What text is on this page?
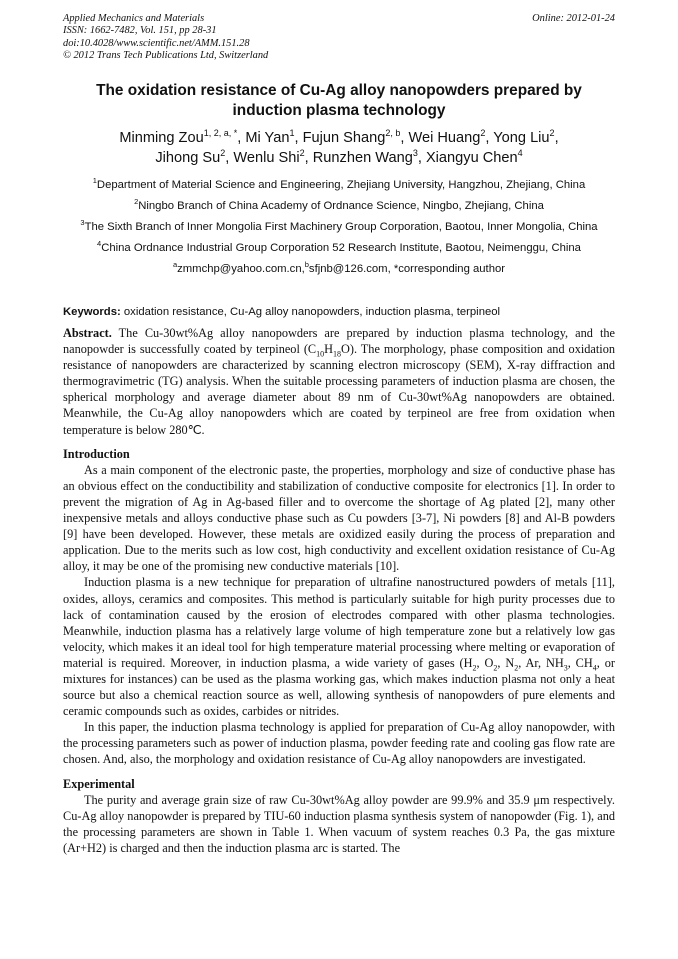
Applied Mechanics and Materials
ISSN: 1662-7482, Vol. 151, pp 28-31
doi:10.4028/www.scientific.net/AMM.151.28
© 2012 Trans Tech Publications Ltd, Switzerland
Online: 2012-01-24
The oxidation resistance of Cu-Ag alloy nanopowders prepared by induction plasma technology
Minming Zou$^{1, 2, a, *}$, Mi Yan$^1$, Fujun Shang$^{2, b}$, Wei Huang$^2$, Yong Liu$^2$,
Jihong Su$^2$, Wenlu Shi$^2$, Runzhen Wang$^3$, Xiangyu Chen$^4$

$^1$Department of Material Science and Engineering, Zhejiang University, Hangzhou, Zhejiang, China

$^2$Ningbo Branch of China Academy of Ordnance Science, Ningbo, Zhejiang, China

$^3$The Sixth Branch of Inner Mongolia First Machinery Group Corporation, Baotou, Inner Mongolia, China

$^4$China Ordnance Industrial Group Corporation 52 Research Institute, Baotou, Neimenggu, China

$^a$zmmchp@yahoo.com.cn,$^b$sfjnb@126.com, *corresponding author

Keywords: oxidation resistance, Cu-Ag alloy nanopowders, induction plasma, terpineol

Abstract. The Cu-30wt%Ag alloy nanopowders are prepared by induction plasma technology, and the nanopowder is successfully coated by terpineol $(C_{10}H_{18}O)$. The morphology, phase composition and oxidation resistance of nanopowders are characterized by scanning electron microscopy (SEM), X-ray diffraction and thermogravimetric (TG) analysis. When the suitable processing parameters of induction plasma are chosen, the spherical morphology and average diameter about 89 nm of Cu-30wt%Ag nanopowders are obtained. Meanwhile, the Cu-Ag alloy nanopowders which are coated by terpineol are free from oxidation when temperature is below 280℃.

Introduction

As a main component of the electronic paste, the properties, morphology and size of conductive phase has an obvious effect on the conductibility and stabilization of conductive composite for electronics [1]. In order to prevent the migration of Ag in Ag-based filler and to overcome the shortage of Ag plated [2], many other inexpensive metals and alloys conductive phase such as Cu powders [3-7], Ni powders [8] and Al-B powders [9] have been developed. However, these metals are oxidized easily during the process of preparation and application. Due to the merits such as low cost, high conductivity and excellent oxidation resistance of Cu-Ag alloy, it may be one of the promising new conductive materials [10].

Induction plasma is a new technique for preparation of ultrafine nanostructured powders of metals [11], oxides, alloys, ceramics and composites. This method is particularly suitable for high purity processes due to lack of contamination caused by the erosion of electrodes compared with other plasma technologies. Meanwhile, induction plasma has a relatively large volume of high temperature zone but a relatively low gas velocity, which makes it an ideal tool for high temperature material processing where melting or evaporation of material is required. Moreover, in induction plasma, a wide variety of gases ($H_2$, $O_2$, $N_2$, Ar, $NH_3$, $CH_4$, or mixtures for instances) can be used as the plasma working gas, which makes induction plasma not only a heat source but also a chemical reaction source as well, allowing synthesis of nanopowders of pure elements and ceramic compounds such as oxides, carbides or nitrides.

In this paper, the induction plasma technology is applied for preparation of Cu-Ag alloy nanopowder, with the processing parameters such as power of induction plasma, powder feeding rate and cooling gas flow rate are chosen. And, also, the morphology and oxidation resistance of Cu-Ag alloy nanopowders are investigated.

Experimental

The purity and average grain size of raw Cu-30wt%Ag alloy powder are 99.9% and 35.9 μm respectively. Cu-Ag alloy nanopowder is prepared by TIU-60 induction plasma synthesis system of nanopowder (Fig. 1), and the processing parameters are shown in Table 1. When vacuum of system reaches 0.3 Pa, the gas mixture (Ar+H2) is charged and then the induction plasma arc is started. The
